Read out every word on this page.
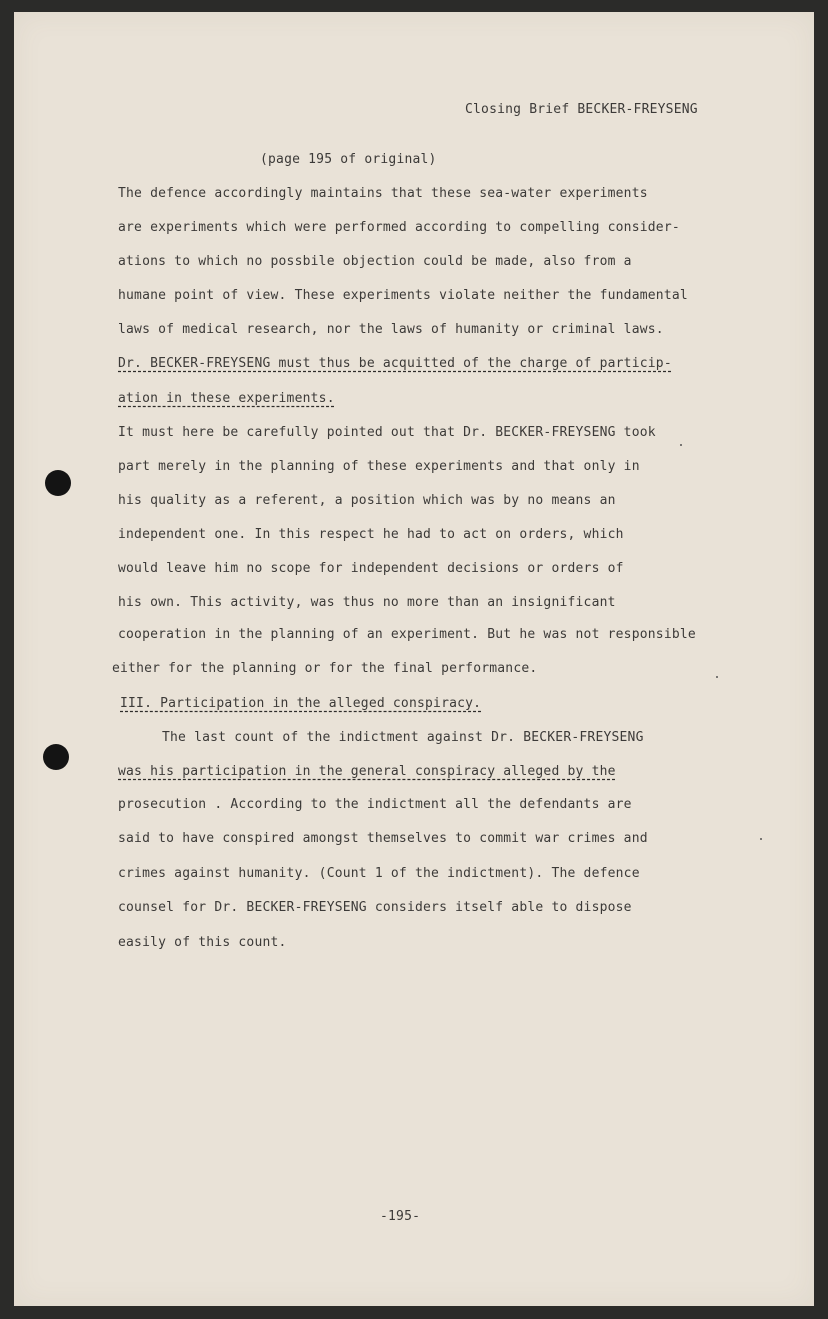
Closing Brief BECKER-FREYSENG
(page 195 of original)
The defence accordingly maintains that these sea-water experiments
are experiments which were performed according to compelling consider-
ations to which no possbile objection could be made, also from a
humane point of view. These experiments violate neither the fundamental
laws of medical research, nor the laws of humanity or criminal laws.
Dr. BECKER-FREYSENG must thus be acquitted of the charge of particip-
ation in these experiments.
It must here be carefully pointed out that Dr. BECKER-FREYSENG took
part merely in the planning of these experiments and that only in
his quality as a referent, a position which was by no means an
independent one. In this respect he had to act on orders, which
would leave him no scope for independent decisions or orders of
his own. This activity, was thus no more than an insignificant
cooperation in the planning of an experiment. But he was not responsible
either for the planning or for the final performance.
III. Participation in the alleged conspiracy.
The last count of the indictment against Dr. BECKER-FREYSENG
was his participation in the general conspiracy alleged by the
prosecution . According to the indictment all the defendants are
said to have conspired amongst themselves to commit war crimes and
crimes against humanity. (Count 1 of the indictment). The defence
counsel for Dr. BECKER-FREYSENG considers itself able to dispose
easily of this count.
-195-
